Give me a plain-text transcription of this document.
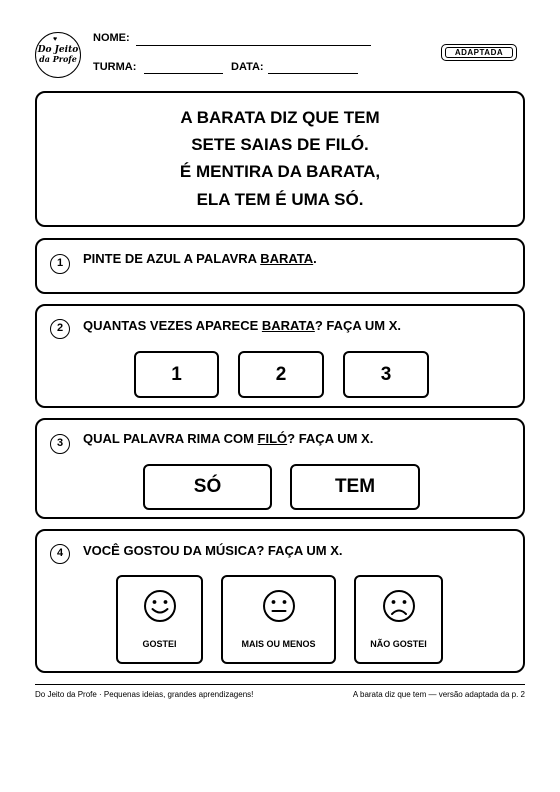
♥
Do Jeito
da Profe
NOME:
TURMA:	DATA:
ADAPTADA
A BARATA DIZ QUE TEM
SETE SAIAS DE FILÓ.
É MENTIRA DA BARATA,
ELA TEM É UMA SÓ.
1	PINTE DE AZUL A PALAVRA BARATA.
2	QUANTAS VEZES APARECE BARATA? FAÇA UM X.
1	2	3
3	QUAL PALAVRA RIMA COM FILÓ? FAÇA UM X.
SÓ	TEM
4	VOCÊ GOSTOU DA MÚSICA? FAÇA UM X.
GOSTEI	MAIS OU MENOS	NÃO GOSTEI
Do Jeito da Profe · Pequenas ideias, grandes aprendizagens!	A barata diz que tem — versão adaptada da p. 2
